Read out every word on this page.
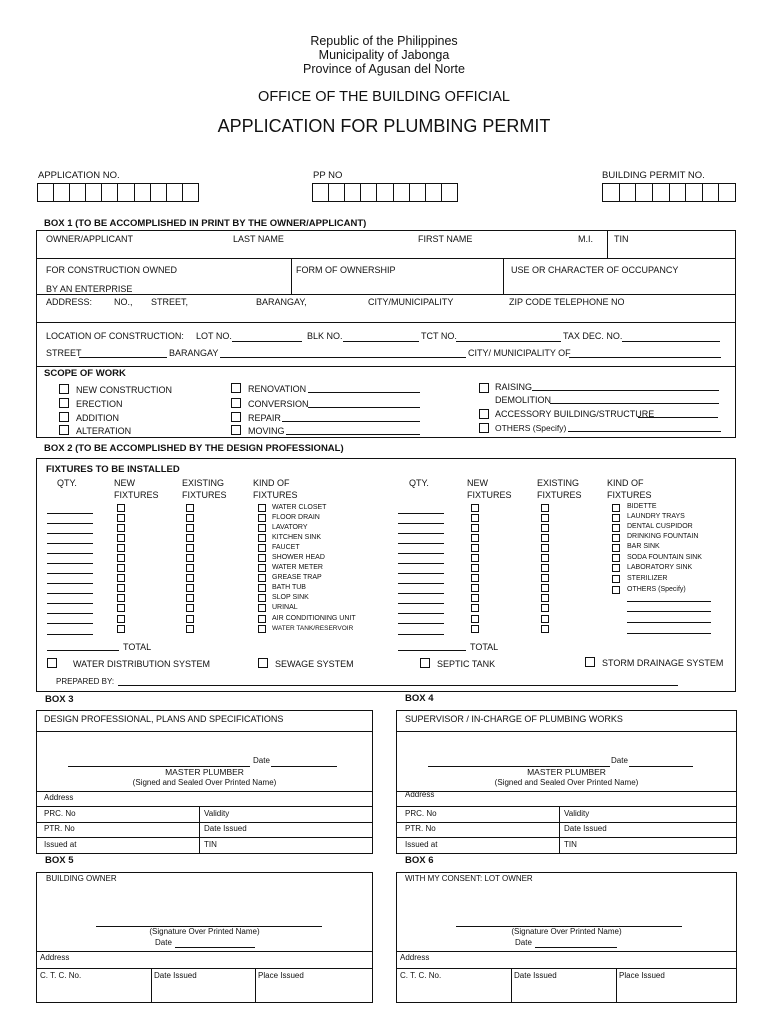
Republic of the Philippines
Municipality of Jabonga
Province of Agusan del Norte
OFFICE OF THE BUILDING OFFICIAL
APPLICATION FOR PLUMBING PERMIT
APPLICATION NO.	PP NO	BUILDING PERMIT NO.
BOX 1 (TO BE ACCOMPLISHED IN PRINT BY THE OWNER/APPLICANT)
OWNER/APPLICANT	LAST NAME	FIRST NAME	M.I. TIN
FOR CONSTRUCTION OWNED
BY AN ENTERPRISE
FORM OF OWNERSHIP	USE OR CHARACTER OF OCCUPANCY
ADDRESS: NO., STREET,	BARANGAY,	CITY/MUNICIPALITY	ZIP CODE TELEPHONE NO
LOCATION OF CONSTRUCTION: LOT NO.	BLK NO.	TCT NO.	TAX DEC. NO.
STREET	BARANGAY	CITY/ MUNICIPALITY OF
SCOPE OF WORK
NEW CONSTRUCTION
ERECTION
ADDITION
ALTERATION
RENOVATION
CONVERSION
REPAIR
MOVING
RAISING
DEMOLITION
ACCESSORY BUILDING/STRUCTURE
OTHERS (Specify)
BOX 2 (TO BE ACCOMPLISHED BY THE DESIGN PROFESSIONAL)
FIXTURES TO BE INSTALLED
QTY.	NEW
FIXTURES
EXISTING
FIXTURES
KIND OF
FIXTURES
QTY.	NEW
FIXTURES
EXISTING
FIXTURES
KIND OF
FIXTURES
WATER CLOSET
FLOOR DRAIN
LAVATORY
KITCHEN SINK
FAUCET
SHOWER HEAD
WATER METER
GREASE TRAP
BATH TUB
SLOP SINK
URINAL
AIR CONDITIONING UNIT
WATER TANK/RESERVOIR
TOTAL
BIDETTE
LAUNDRY TRAYS
DENTAL CUSPIDOR
DRINKING FOUNTAIN
BAR SINK
SODA FOUNTAIN SINK
LABORATORY SINK
STERILIZER
OTHERS (Specify)
TOTAL
WATER DISTRIBUTION SYSTEM	SEWAGE SYSTEM	SEPTIC TANK	STORM DRAINAGE SYSTEM
PREPARED BY:
BOX 3
DESIGN PROFESSIONAL, PLANS AND SPECIFICATIONS
Date
MASTER PLUMBER
(Signed and Sealed Over Printed Name)
Address
PRC. No	Validity
PTR. No	Date Issued
Issued at	TIN
BOX 4
SUPERVISOR / IN-CHARGE OF PLUMBING WORKS
Date
MASTER PLUMBER
(Signed and Sealed Over Printed Name)
Address
PRC. No	Validity
PTR. No	Date Issued
Issued at	TIN
BOX 5
BUILDING OWNER
(Signature Over Printed Name)
Date
Address
C. T. C. No.	Date Issued	Place Issued
BOX 6
WITH MY CONSENT: LOT OWNER
(Signature Over Printed Name)
Date
Address
C. T. C. No.	Date Issued	Place Issued
